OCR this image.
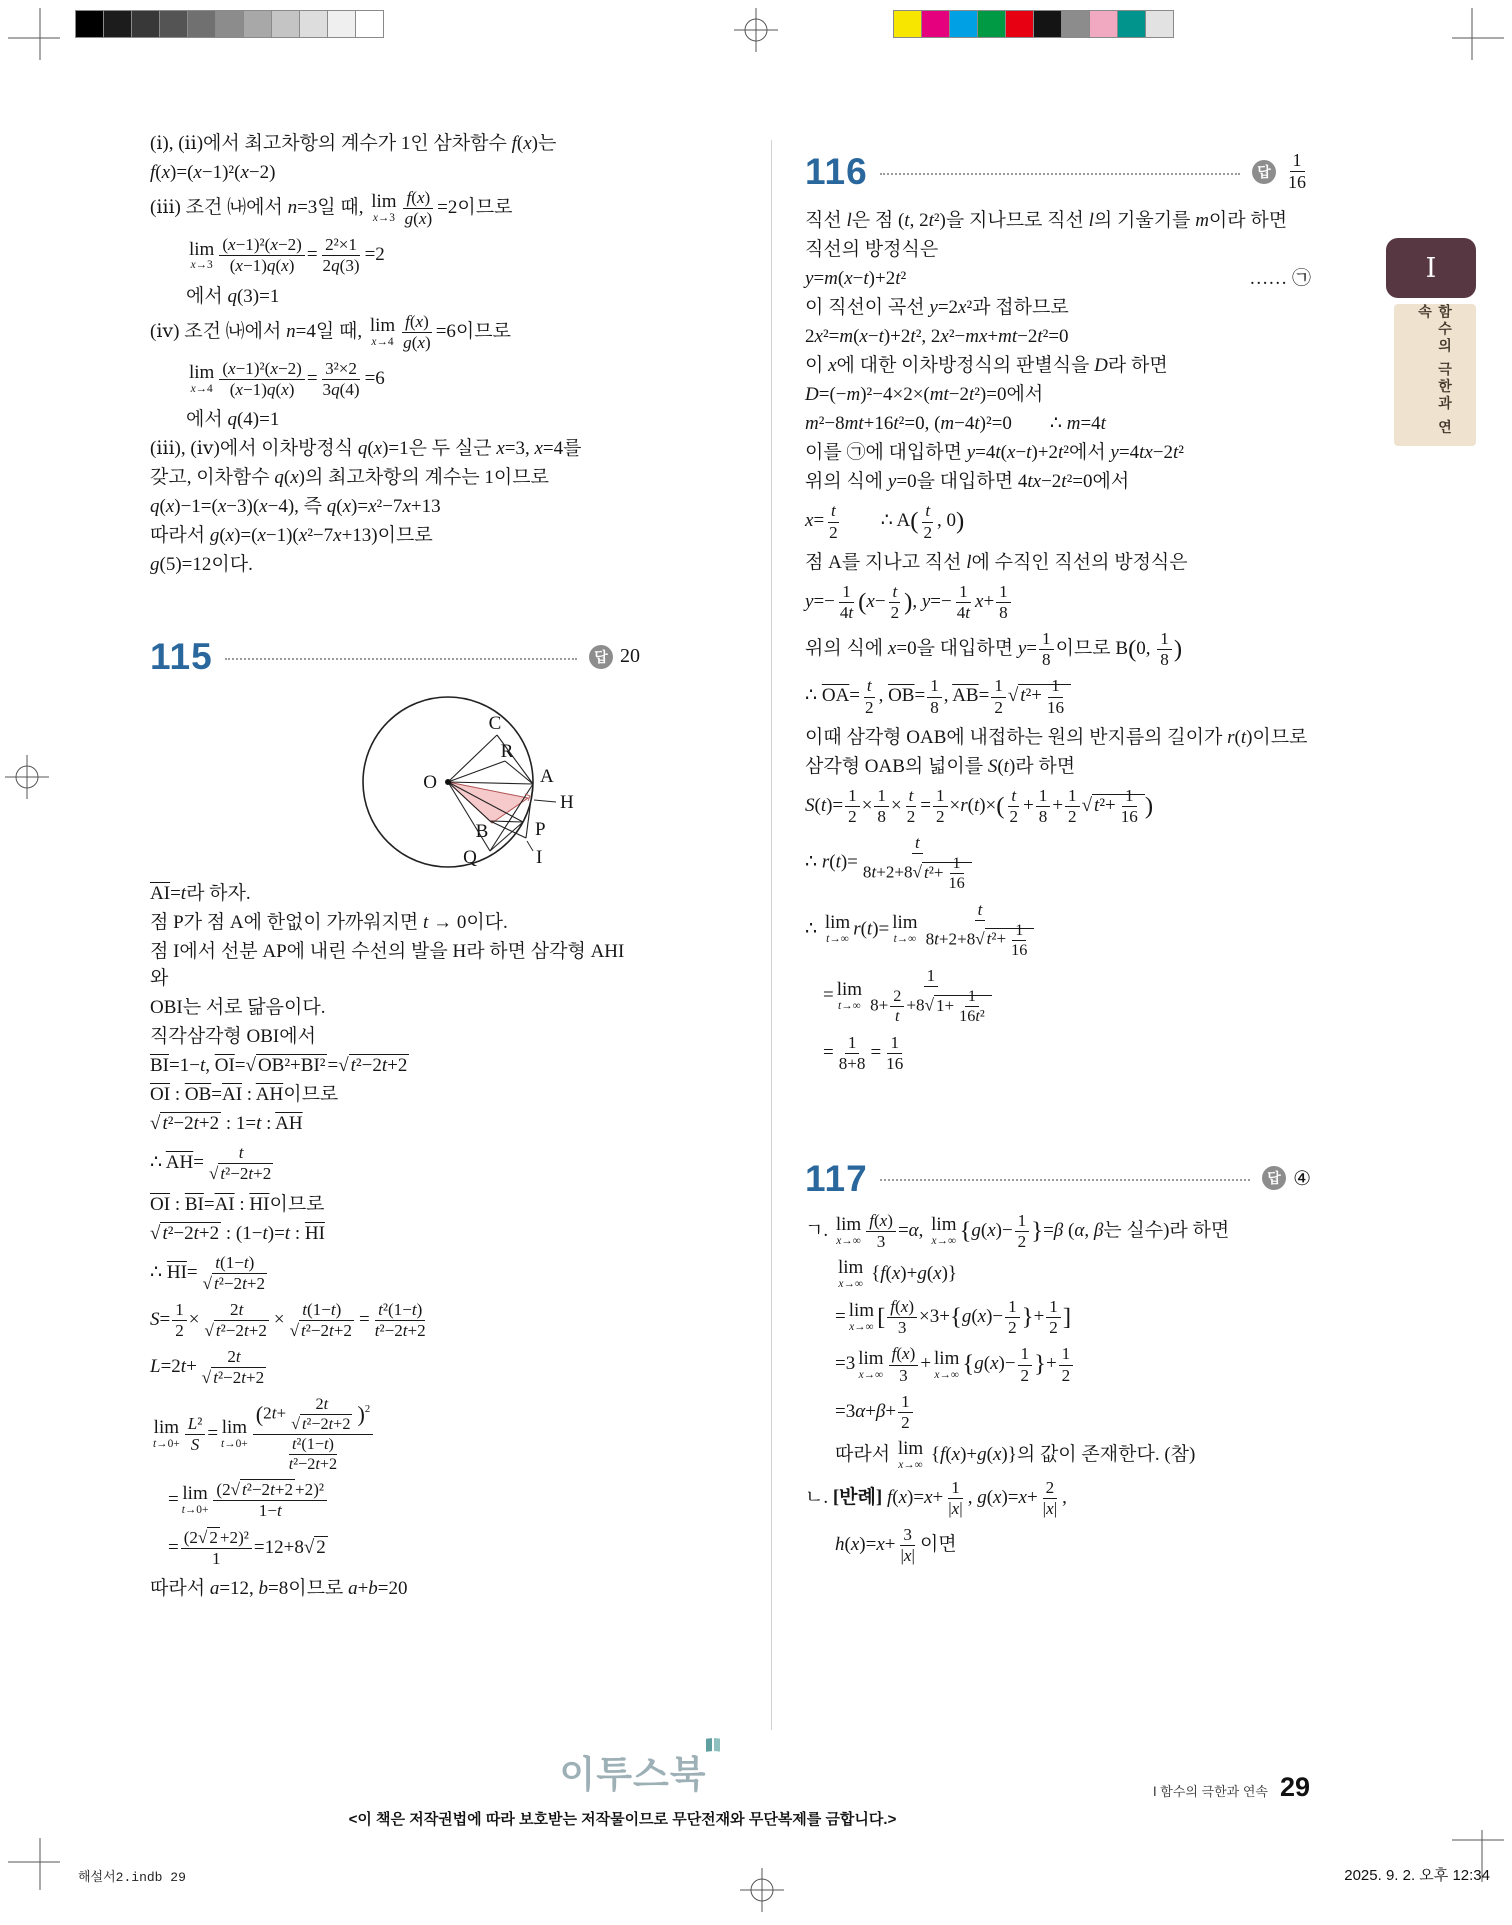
Ⅰ
함수의 극한과 연속
(ⅰ), (ⅱ)에서 최고차항의 계수가 1인 삼차함수 f(x)는
f(x)=(x−1)²(x−2)
(ⅲ) 조건 ㈏에서 n=3일 때, lim
$x\to 3 \frac{f(x)}{g(x)} =2$이므로
lim
$x\to 3 \frac{\text{(x−1)²(x−2)}}{(x-1)q(x)} = \frac{\text{2²×1}}{2q(3)} =2$
에서 q(3)=1
(ⅳ) 조건 ㈏에서 n=4일 때, lim
$x\to 4 \frac{f(x)}{g(x)} =6$이므로
lim
$x\to 4 \frac{\text{(x−1)²(x−2)}}{(x-1)q(x)} = \frac{\text{3²×2}}{3q(4)} =6$
에서 q(4)=1
(ⅲ), (ⅳ)에서 이차방정식 q(x)=1은 두 실근 x=3, x=4를
갖고, 이차함수 q(x)의 최고차항의 계수는 1이므로
q(x)−1=(x−3)(x−4), 즉 q(x)=x²−7x+13
따라서 g(x)=(x−1)(x²−7x+13)이므로
g(5)=12이다.
115	답 20
O
C
R
A
H
B P
Q	I
$\overline{AI}=t$라 하자.
점 P가 점 A에 한없이 가까워지면 t → 0이다.
점 I에서 선분 AP에 내린 수선의 발을 H라 하면 삼각형 AHI와
OBI는 서로 닮음이다.
직각삼각형 OBI에서
$\overline{BI}=1-t$, $\overline{OI}=√$ $OB^2+\overline{BI}^2$ =√ t²−2t+2
$\overline{OI}$ : $\overline{OB}=\overline{AI}$ : $\overline{AH}$이므로
√ t²−2t+2 : 1=t : $\overline{AH}$
∴ $\overline{AH}= \frac{t}{\text{√ t²−2t+2}}$
$\overline{OI}$ : $\overline{BI}=\overline{AI}$ : $\overline{HI}$이므로
√ t²−2t+2 : (1−t)=t : $\overline{HI}$
∴ $\overline{HI}= \frac{t(1-t)}{\text{√ t²−2t+2}}$
$S= \frac{1}{2} \times \frac{2t}{\text{√ t²−2t+2}} \times \frac{t(1-t)}{\text{√ t²−2t+2}} = \frac{\text{t²(1−t)}}{\text{t²−2t+2}}$
$L=2t+ \frac{2t}{\text{√ t²−2t+2}}$
lim
$t\to 0+ \frac{\text{L²}}{S} = \lim$
$t\to 0+ \frac{(2t+ \frac{2t}{\text{√ t²−2t+2}} )^2}{\frac{\text{t²(1−t)}}{\text{t²−2t+2}}}$
= lim
$t\to 0+ \frac{\text{(2√ t²−2t+2 +2)²}}{1-t}$
= $\frac{\text{(2√ 2 +2)²}}{1} =12+8√$ 2
따라서 a=12, b=8이므로 a+b=20
116	답 $\frac{1}{16}$
직선 l은 점 (t, 2t²)을 지나므로 직선 l의 기울기를 m이라 하면
직선의 방정식은
y=m(x−t)+2t²	…… ㉠
이 직선이 곡선 y=2x²과 접하므로
2x²=m(x−t)+2t², 2x²−mx+mt−2t²=0
이 x에 대한 이차방정식의 판별식을 D라 하면
D=(−m)²−4×2×(mt−2t²)=0에서
m²−8mt+16t²=0, (m−4t)²=0  ∴ m=4t
이를 ㉠에 대입하면 y=4t(x−t)+2t²에서 y=4tx−2t²
위의 식에 y=0을 대입하면 4tx−2t²=0에서
$x= \frac{t}{2}$   ∴ $A( \frac{t}{2}$ , 0)
점 A를 지나고 직선 l에 수직인 직선의 방정식은
$y=- \frac{1}{4t} (x- \frac{t}{2}$ ), $y=- \frac{1}{4t} x+ \frac{1}{8}$
위의 식에 x=0을 대입하면 $y= \frac{1}{8}$ 이므로 B(0, $\frac{1}{8}$ )
∴ $\overline{OA}= \frac{t}{2}$ , $\overline{OB}= \frac{1}{8}$ , $\overline{AB}= \frac{1}{2}$ √ $t^2+ \frac{1}{16}$
이때 삼각형 OAB에 내접하는 원의 반지름의 길이가 r(t)이므로
삼각형 OAB의 넓이를 S(t)라 하면
$S(t)= \frac{1}{2} \times \frac{1}{8} \times \frac{t}{2} = \frac{1}{2} \times r(t)\times( \frac{t}{2} + \frac{1}{8} + \frac{1}{2}$ √ $t^2+ \frac{1}{16}$ )
∴ $r(t)= \frac{t}{8t+2+8√ t^2+ \frac{1}{16}}$
∴ lim
t→∞
r(t)= lim
$t\to\infty \frac{t}{8t+2+8√ t^2+ \frac{1}{16}}$
= lim
$t\to\infty \frac{1}{8+ \frac{2}{t} +8√ 1+ \frac{1}{\text{16t²}}}$
= $\frac{1}{8+8} = \frac{1}{16}$
117	답 ④
ㄱ. lim
$x\to\infty \frac{f(x)}{3} =\alpha$, lim
x→∞ $\{g(x)- \frac{1}{2} \}=\beta$ (α, β는 실수)라 하면
lim
x→∞
{f(x)+g(x)}
= lim
x→∞ [ $\frac{f(x)}{3} \times 3+\{g(x)- \frac{1}{2}$ }+ $\frac{1}{2}$ ]
=3 lim
$x\to\infty \frac{f(x)}{3} + \lim$
x→∞ {$g(x)- \frac{1}{2}$ }+ $\frac{1}{2}$
$=3\alpha+\beta+ \frac{1}{2}$
따라서 lim
x→∞
{f(x)+g(x)}의 값이 존재한다. (참)
ㄴ. [반례] $f(x)=x+ \frac{1}{|x|}$ , $g(x)=x+ \frac{2}{|x|}$ ,
$h(x)=x+ \frac{3}{|x|}$ 이면
이투스북
<이 책은 저작권법에 따라 보호받는 저작물이므로 무단전재와 무단복제를 금합니다.>
Ⅰ 함수의 극한과 연속 29
해설서2.indb 29	2025. 9. 2. 오후 12:34
